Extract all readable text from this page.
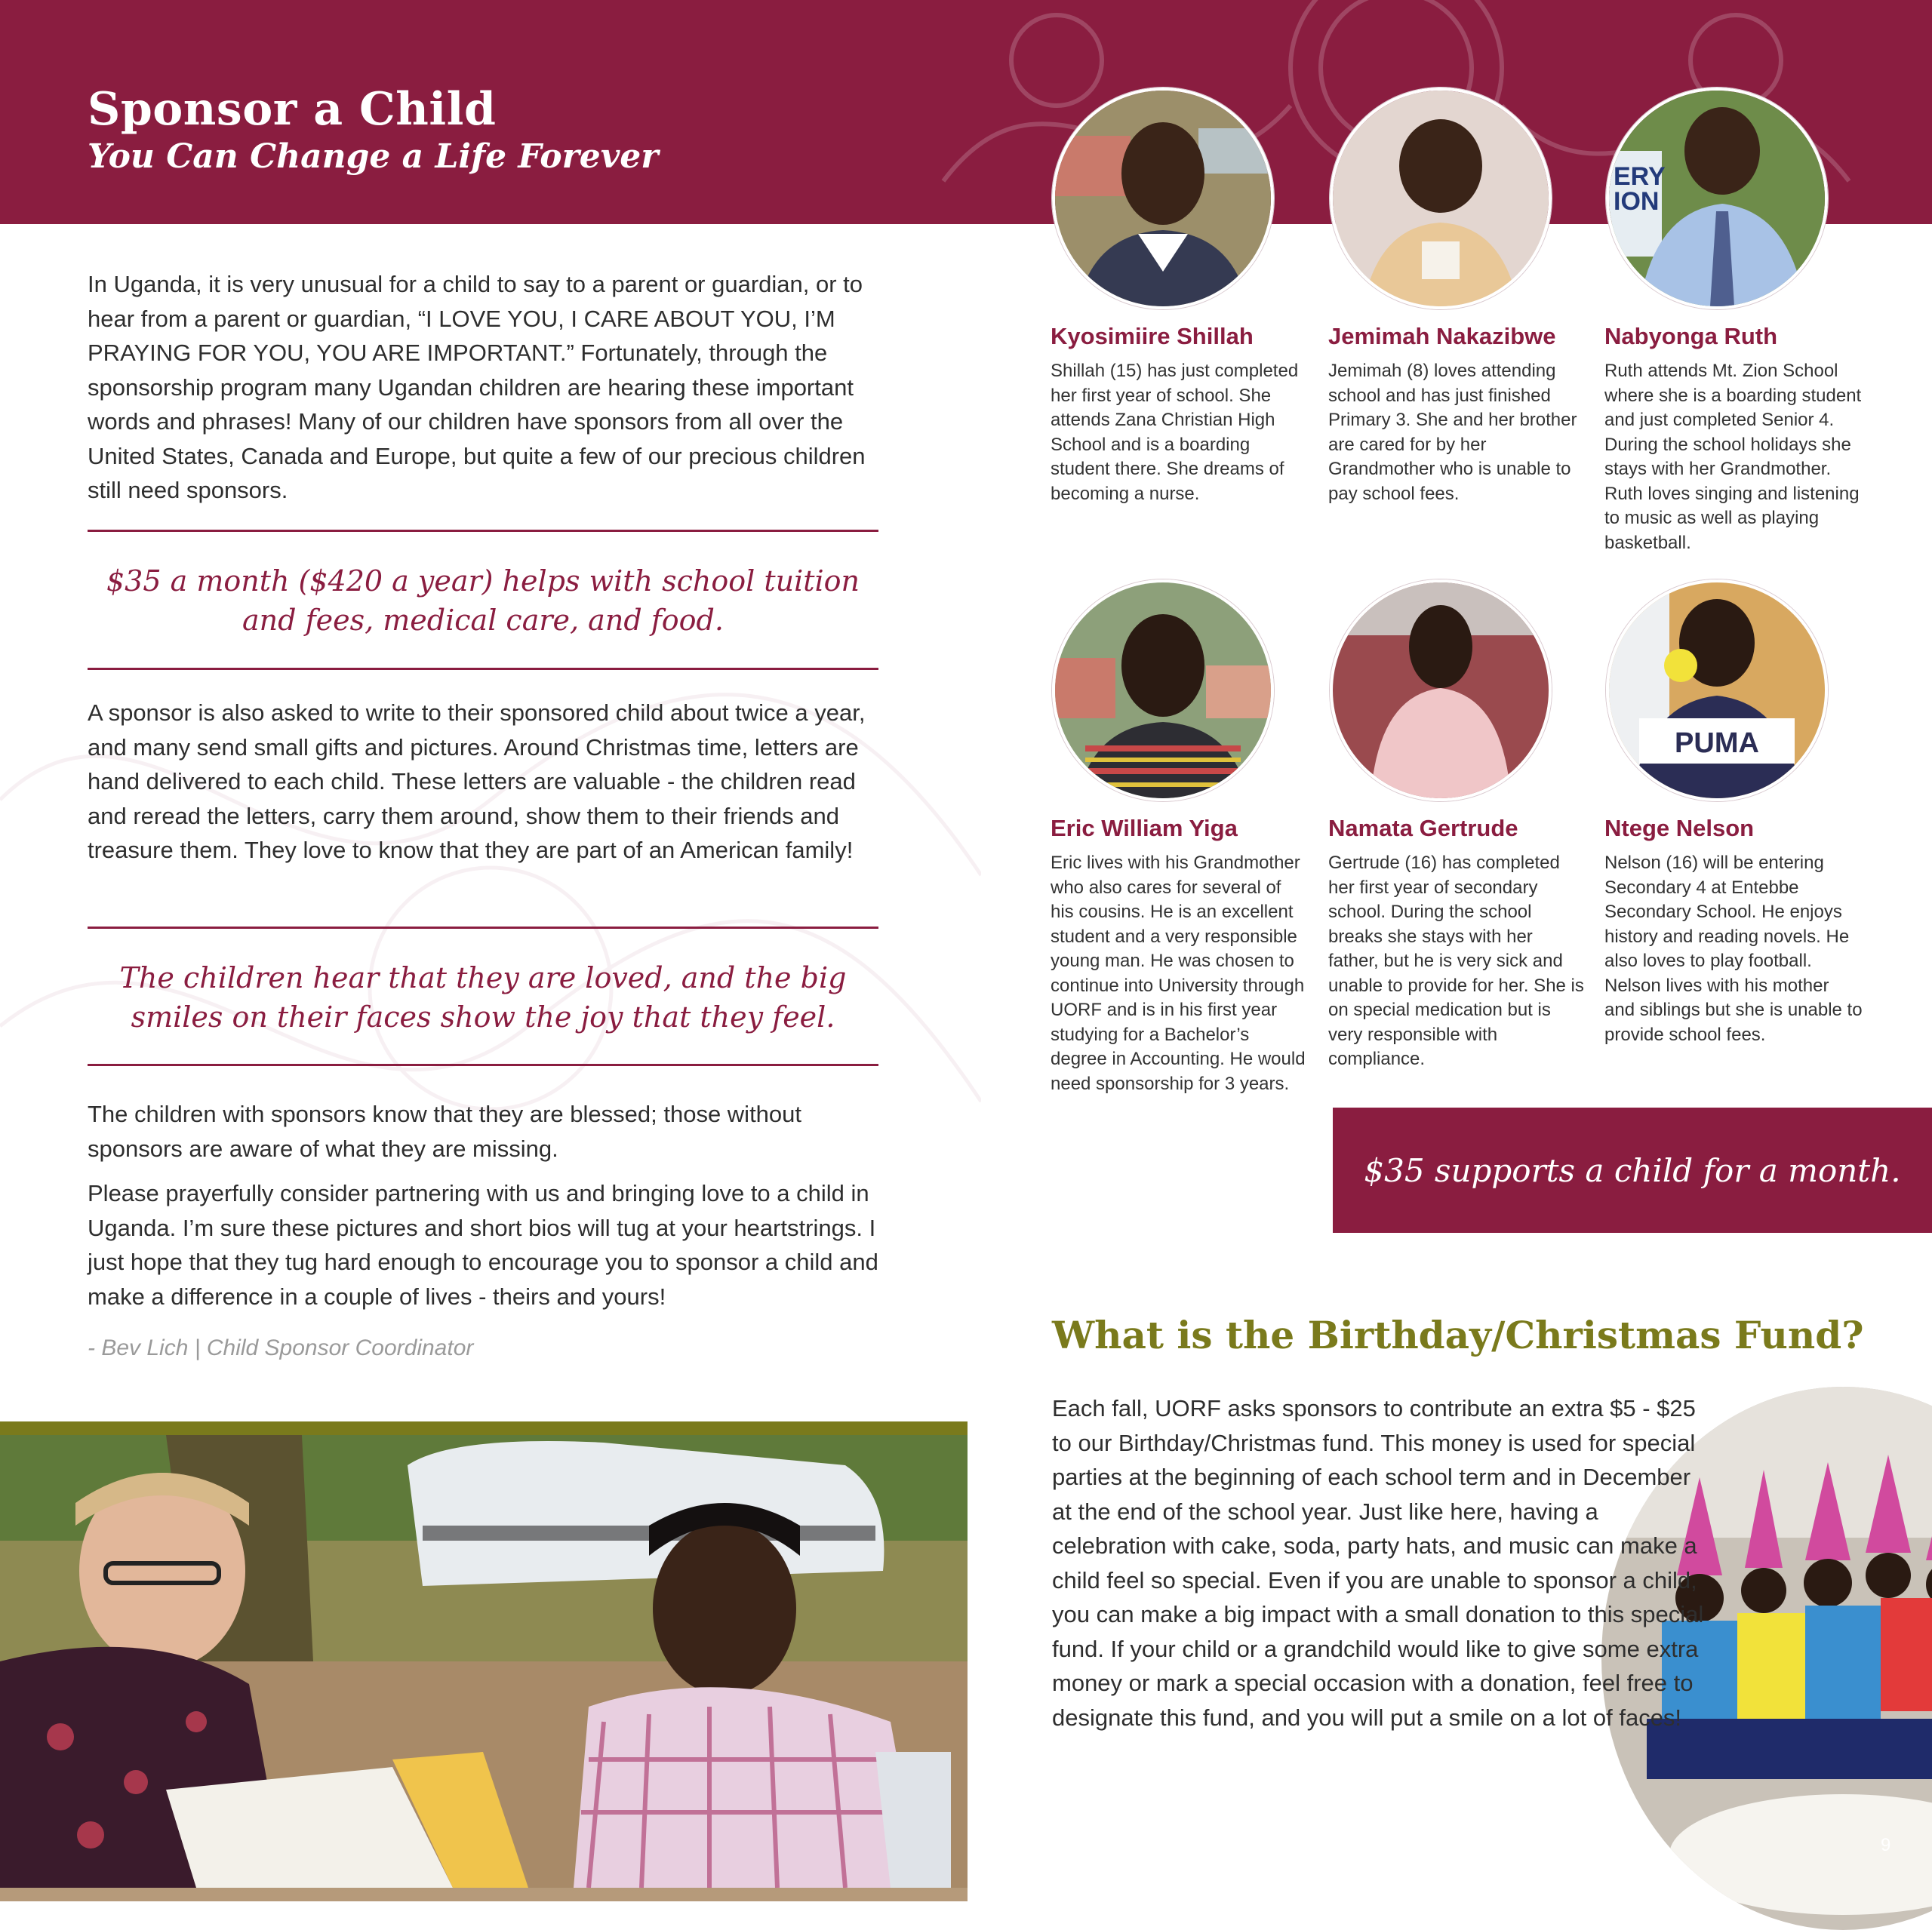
Sponsor a Child
You Can Change a Life Forever

In Uganda, it is very unusual for a child to say to a parent or guardian, or to hear from a parent or guardian, “I LOVE YOU, I CARE ABOUT YOU, I’M PRAYING FOR YOU, YOU ARE IMPORTANT.” Fortunately, through the sponsorship program many Ugandan children are hearing these important words and phrases! Many of our children have sponsors from all over the United States, Canada and Europe, but quite a few of our precious children still need sponsors.

$35 a month ($420 a year) helps with school tuition and fees, medical care, and food.

A sponsor is also asked to write to their sponsored child about twice a year, and many send small gifts and pictures. Around Christmas time, letters are hand delivered to each child. These letters are valuable - the children read and reread the letters, carry them around, show them to their friends and treasure them. They love to know that they are part of an American family!

The children hear that they are loved, and the big smiles on their faces show the joy that they feel.

The children with sponsors know that they are blessed; those without sponsors are aware of what they are missing.

Please prayerfully consider partnering with us and bringing love to a child in Uganda. I’m sure these pictures and short bios will tug at your heartstrings. I just hope that they tug hard enough to encourage you to sponsor a child and make a difference in a couple of lives - theirs and yours!

- Bev Lich | Child Sponsor Coordinator

Kyosimiire Shillah
Shillah (15) has just completed her first year of school. She attends Zana Christian High School and is a boarding student there. She dreams of becoming a nurse.
Jemimah Nakazibwe
Jemimah (8) loves attending school and has just finished Primary 3. She and her brother are cared for by her Grandmother who is unable to pay school fees.
ERY
ION
Nabyonga Ruth
Ruth attends Mt. Zion School where she is a boarding student and just completed Senior 4. During the school holidays she stays with her Grandmother. Ruth loves singing and listening to music as well as playing basketball.
Eric William Yiga
Eric lives with his Grandmother who also cares for several of his cousins. He is an excellent student and a very responsible young man. He was chosen to continue into University through UORF and is in his first year studying for a Bachelor’s degree in Accounting. He would need sponsorship for 3 years.
Namata Gertrude
Gertrude (16) has completed her first year of secondary school. During the school breaks she stays with her father, but he is very sick and unable to provide for her. She is on special medication but is very responsible with compliance.
PUMA
Ntege Nelson
Nelson (16) will be entering Secondary 4 at Entebbe Secondary School. He enjoys history and reading novels. He also loves to play football. Nelson lives with his mother and siblings but she is unable to provide school fees.
$35 supports a child for a month.
What is the Birthday/Christmas Fund?

Each fall, UORF asks sponsors to contribute an extra $5 - $25 to our Birthday/Christmas fund. This money is used for special parties at the beginning of each school term and in December at the end of the school year. Just like here, having a celebration with cake, soda, party hats, and music can make a child feel so special. Even if you are unable to sponsor a child, you can make a big impact with a small donation to this special fund. If your child or a grandchild would like to give some extra money or mark a special occasion with a donation, feel free to designate this fund, and you will put a smile on a lot of faces!

9
